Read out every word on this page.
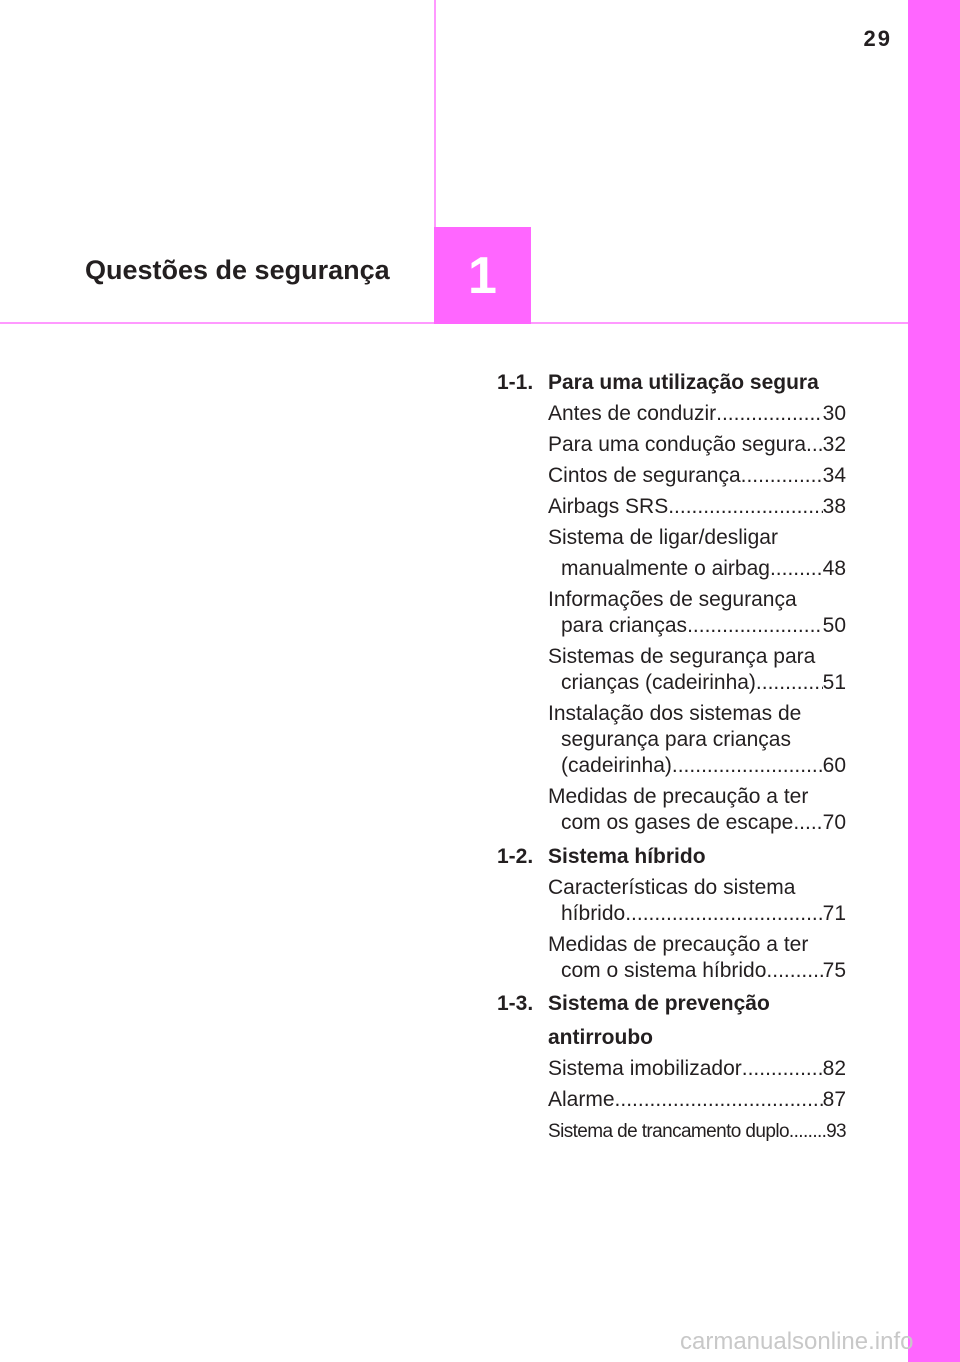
29
Questões de segurança	1
1-1. Para uma utilização segura
Antes de conduzir .....	30
Para uma condução segura ..... 32
Cintos de segurança .....	34
Airbags SRS .....	38
Sistema de ligar/desligar
manualmente o airbag .....	48
Informações de segurança
para crianças .....	50
Sistemas de segurança para
crianças (cadeirinha) .....	51
Instalação dos sistemas de
segurança para crianças
(cadeirinha) .....	60
Medidas de precaução a ter
com os gases de escape ..... 70
1-2. Sistema híbrido
Características do sistema
híbrido .....	71
Medidas de precaução a ter
com o sistema híbrido .....	75
1-3. Sistema de prevenção
antirroubo
Sistema imobilizador .....	82
Alarme .....	87
Sistema de trancamento duplo ..... 93
carmanualsonline.info
